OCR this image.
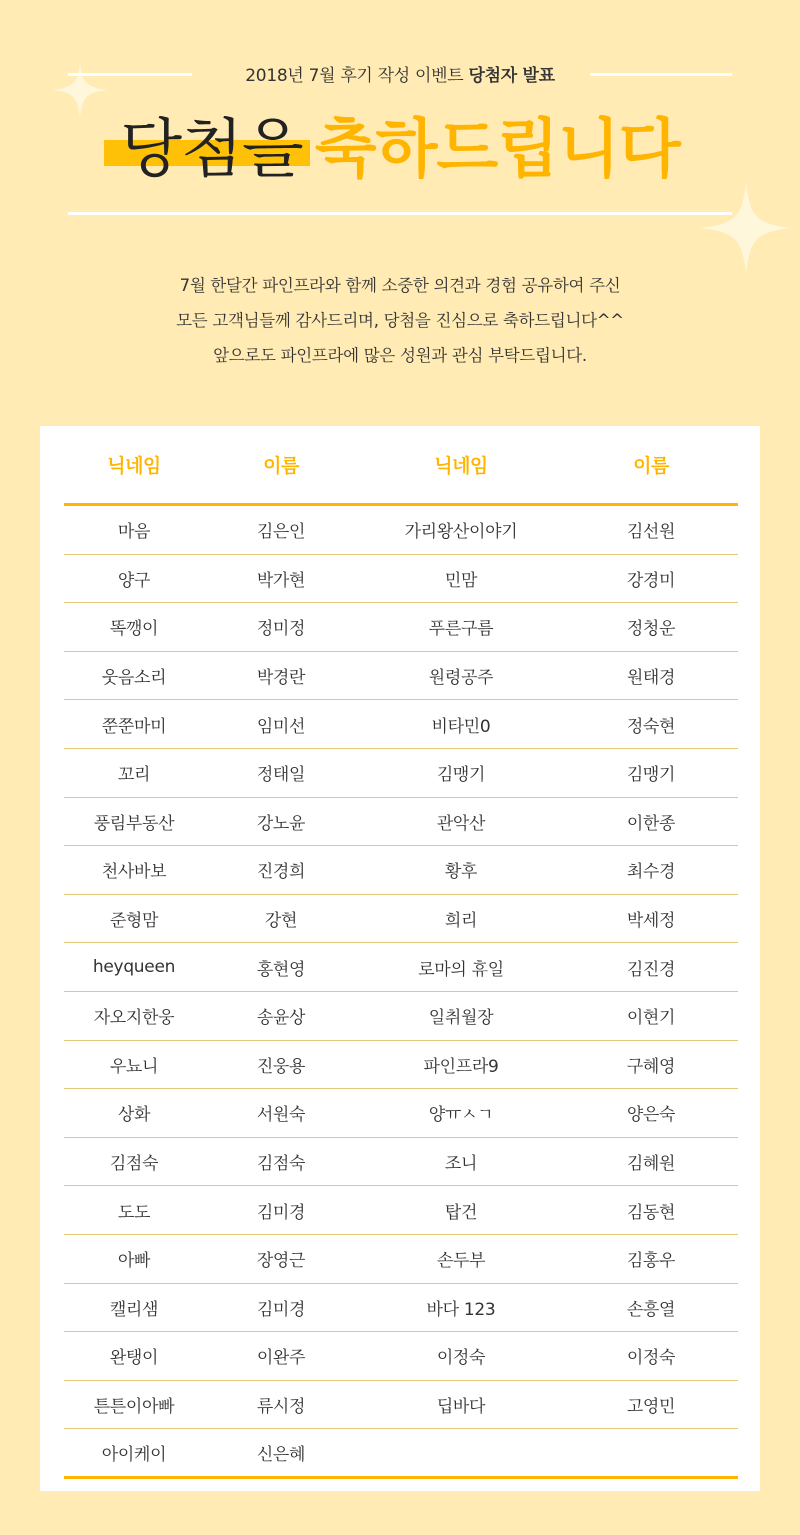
2018년 7월 후기 작성 이벤트 당첨자 발표
당첨을 축하드립니다

7월 한달간 파인프라와 함께 소중한 의견과 경험 공유하여 주신

모든 고객님들께 감사드리며, 당첨을 진심으로 축하드립니다^^

앞으로도 파인프라에 많은 성원과 관심 부탁드립니다.

닉네임	이름	닉네임	이름
마음	김은인	가리왕산이야기	김선원
양구	박가현	민맘	강경미
똑깽이	정미정	푸른구름	정청운
웃음소리	박경란	원령공주	원태경
쭌쭌마미	임미선	비타민0	정숙현
꼬리	정태일	김맹기	김맹기
풍림부동산	강노윤	관악산	이한종
천사바보	진경희	황후	최수경
준형맘	강현	희리	박세정
heyqueen	홍현영	로마의 휴일	김진경
자오지한웅	송윤상	일취월장	이현기
우뇨니	진웅용	파인프라9	구혜영
상화	서원숙	양ㅠㅅㄱ	양은숙
김점숙	김점숙	조니	김혜원
도도	김미경	탑건	김동현
아빠	장영근	손두부	김홍우
캘리샘	김미경	바다 123	손흥열
완탱이	이완주	이정숙	이정숙
튼튼이아빠	류시정	딥바다	고영민
아이케이	신은혜
